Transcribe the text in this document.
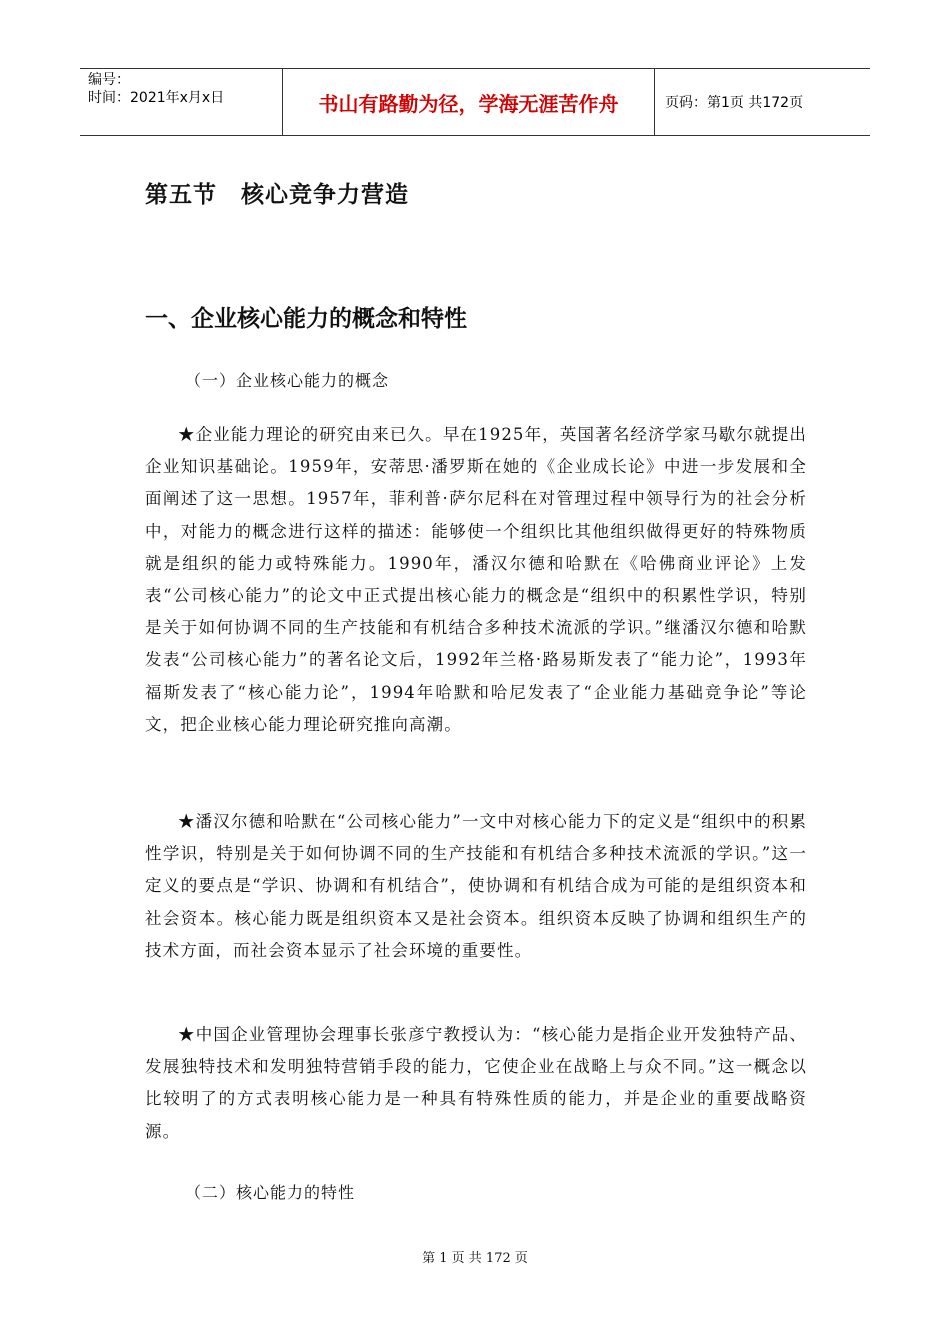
编号：
时间：2021年x月x日	书山有路勤为径，学海无涯苦作舟	页码：第1页 共172页
第五节　核心竞争力营造
一、企业核心能力的概念和特性

（一）企业核心能力的概念

★企业能力理论的研究由来已久。早在1925年，英国著名经济学家马歇尔就提出企业知识基础论。1959年，安蒂思·潘罗斯在她的《企业成长论》中进一步发展和全面阐述了这一思想。1957年，菲利普·萨尔尼科在对管理过程中领导行为的社会分析中，对能力的概念进行这样的描述：能够使一个组织比其他组织做得更好的特殊物质就是组织的能力或特殊能力。1990年，潘汉尔德和哈默在《哈佛商业评论》上发表“公司核心能力”的论文中正式提出核心能力的概念是“组织中的积累性学识，特别是关于如何协调不同的生产技能和有机结合多种技术流派的学识。”继潘汉尔德和哈默发表“公司核心能力”的著名论文后，1992年兰格·路易斯发表了“能力论”，1993年福斯发表了“核心能力论”，1994年哈默和哈尼发表了“企业能力基础竞争论”等论文，把企业核心能力理论研究推向高潮。

★潘汉尔德和哈默在“公司核心能力”一文中对核心能力下的定义是“组织中的积累性学识，特别是关于如何协调不同的生产技能和有机结合多种技术流派的学识。”这一定义的要点是“学识、协调和有机结合”，使协调和有机结合成为可能的是组织资本和社会资本。核心能力既是组织资本又是社会资本。组织资本反映了协调和组织生产的技术方面，而社会资本显示了社会环境的重要性。

★中国企业管理协会理事长张彦宁教授认为：“核心能力是指企业开发独特产品、发展独特技术和发明独特营销手段的能力，它使企业在战略上与众不同。”这一概念以比较明了的方式表明核心能力是一种具有特殊性质的能力，并是企业的重要战略资源。

（二）核心能力的特性

第 1 页 共 172 页
